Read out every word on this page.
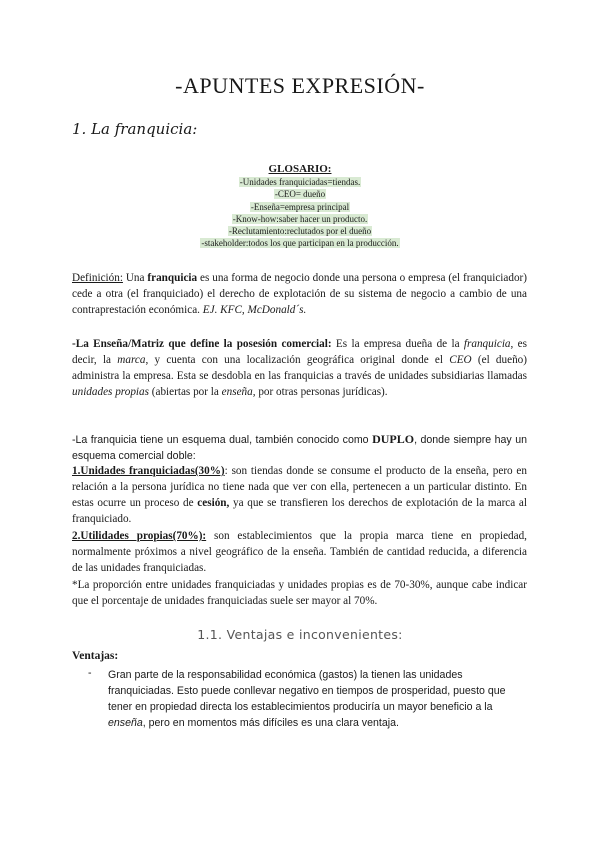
-APUNTES EXPRESIÓN-
1. La franquicia:
GLOSARIO:
-Unidades franquiciadas=tiendas.
-CEO= dueño
-Enseña=empresa principal
-Know-how:saber hacer un producto.
-Reclutamiento:reclutados por el dueño
-stakeholder:todos los que participan en la producción.
Definición: Una franquicia es una forma de negocio donde una persona o empresa (el franquiciador) cede a otra (el franquiciado) el derecho de explotación de su sistema de negocio a cambio de una contraprestación económica. EJ. KFC, McDonald´s.
-La Enseña/Matriz que define la posesión comercial: Es la empresa dueña de la franquicia, es decir, la marca, y cuenta con una localización geográfica original donde el CEO (el dueño) administra la empresa. Esta se desdobla en las franquicias a través de unidades subsidiarias llamadas unidades propias (abiertas por la enseña, por otras personas jurídicas).
-La franquicia tiene un esquema dual, también conocido como DUPLO, donde siempre hay un esquema comercial doble:
1.Unidades franquiciadas(30%): son tiendas donde se consume el producto de la enseña, pero en relación a la persona jurídica no tiene nada que ver con ella, pertenecen a un particular distinto. En estas ocurre un proceso de cesión, ya que se transfieren los derechos de explotación de la marca al franquiciado.
2.Utilidades propias(70%): son establecimientos que la propia marca tiene en propiedad, normalmente próximos a nivel geográfico de la enseña. También de cantidad reducida, a diferencia de las unidades franquiciadas.
*La proporción entre unidades franquiciadas y unidades propias es de 70-30%, aunque cabe indicar que el porcentaje de unidades franquiciadas suele ser mayor al 70%.
1.1. Ventajas e inconvenientes:
Ventajas:
- Gran parte de la responsabilidad económica (gastos) la tienen las unidades franquiciadas. Esto puede conllevar negativo en tiempos de prosperidad, puesto que tener en propiedad directa los establecimientos produciría un mayor beneficio a la enseña, pero en momentos más difíciles es una clara ventaja.
